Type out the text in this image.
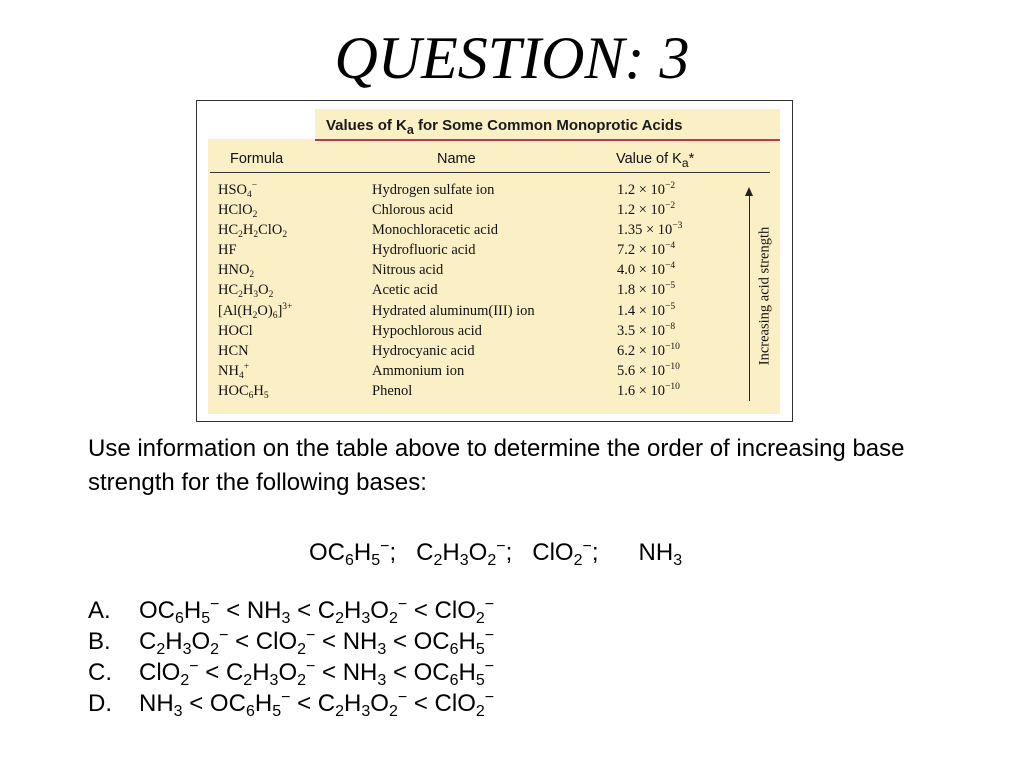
QUESTION: 3
Values of $K_a$ for Some Common Monoprotic Acids
Formula	Name	Value of $K_a*$
$HSO_4^-$	Hydrogen sulfate ion	$1.2 \times 10^{-2}$
HClO$_2$	Chlorous acid	$1.2 \times 10^{-2}$
$HC_2H_2ClO_2$	Monochloracetic acid	$1.35 \times 10^{-3}$
HF	Hydrofluoric acid	$7.2 \times 10^{-4}$
$HNO_2$	Nitrous acid	$4.0 \times 10^{-4}$
$HC_2H_3O_2$	Acetic acid	$1.8 \times 10^{-5}$
$[Al(H_2O)_6]^{3+}$	Hydrated aluminum(III) ion	$1.4 \times 10^{-5}$
HOCl	Hypochlorous acid	$3.5 \times 10^{-8}$
HCN	Hydrocyanic acid	$6.2 \times 10^{-10}$
$NH_4^+$	Ammonium ion	$5.6 \times 10^{-10}$
$HOC_6H_5$	Phenol	$1.6 \times 10^{-10}$
Increasing acid strength
Use information on the table above to determine the order of increasing base strength for the following bases:
$OC_6H_5^-$;   $C_2H_3O_2^-$;   ClO$_2$−;      $NH_3$
A. $OC_6H_5^- < NH_3 < C_2H_3O_2^- < ClO_2^-$
B. $C_2H_3O_2^- < ClO_2^- < NH_3 < OC_6H_5^-$
C. $ClO_2^- < C_2H_3O_2^- < NH_3 < OC_6H_5^-$
D. $NH_3 < OC_6H_5^- < C_2H_3O_2^- < ClO_2^-$
